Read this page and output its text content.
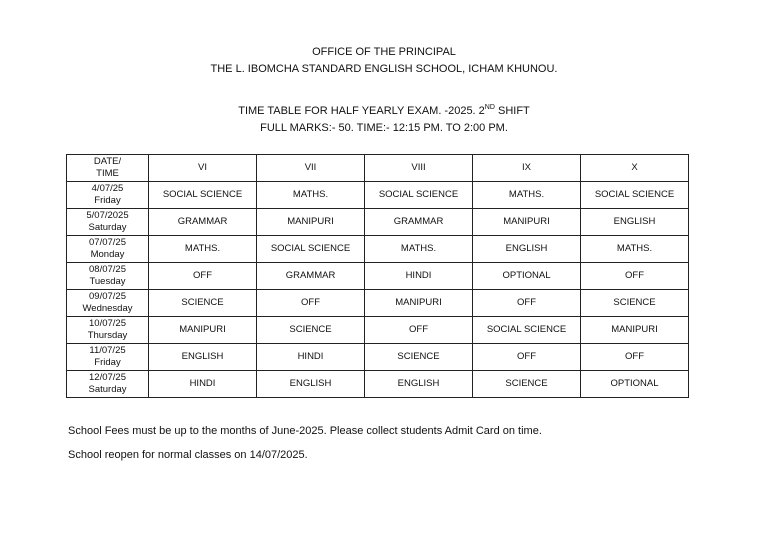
OFFICE OF THE PRINCIPAL
THE L. IBOMCHA STANDARD ENGLISH SCHOOL, ICHAM KHUNOU.
TIME TABLE FOR HALF YEARLY EXAM. -2025. 2ND SHIFT
FULL MARKS:- 50. TIME:- 12:15 PM. TO 2:00 PM.
DATE/
TIME	VI	VII	VIII	IX	X

4/07/25
Friday	SOCIAL SCIENCE	MATHS.	SOCIAL SCIENCE	MATHS.	SOCIAL SCIENCE

5/07/2025
Saturday	GRAMMAR	MANIPURI	GRAMMAR	MANIPURI	ENGLISH

07/07/25
Monday	MATHS.	SOCIAL SCIENCE	MATHS.	ENGLISH	MATHS.

08/07/25
Tuesday	OFF	GRAMMAR	HINDI	OPTIONAL	OFF

09/07/25
Wednesday	SCIENCE	OFF	MANIPURI	OFF	SCIENCE

10/07/25
Thursday	MANIPURI	SCIENCE	OFF	SOCIAL SCIENCE	MANIPURI

11/07/25
Friday	ENGLISH	HINDI	SCIENCE	OFF	OFF

12/07/25
Saturday	HINDI	ENGLISH	ENGLISH	SCIENCE	OPTIONAL
School Fees must be up to the months of June-2025. Please collect students Admit Card on time.
School reopen for normal classes on 14/07/2025.
